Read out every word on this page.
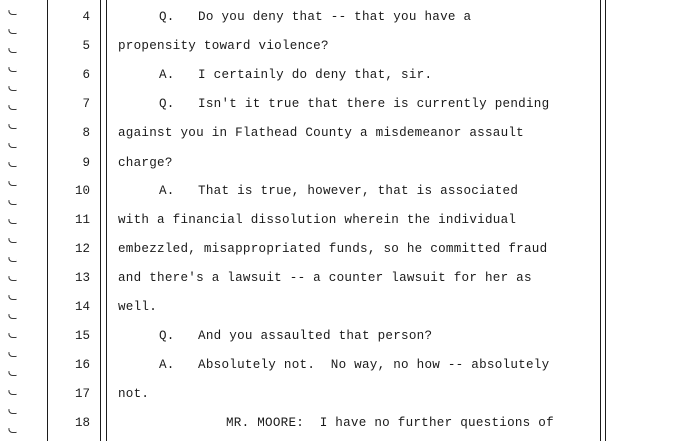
4	Q.   Do you deny that -- that you have a
5 propensity toward violence?
6	A.   I certainly do deny that, sir.
7	Q.   Isn't it true that there is currently pending
8 against you in Flathead County a misdemeanor assault
9 charge?
10	A.   That is true, however, that is associated
11 with a financial dissolution wherein the individual
12 embezzled, misappropriated funds, so he committed fraud
13 and there's a lawsuit -- a counter lawsuit for her as
14 well.
15	Q.   And you assaulted that person?
16	A.   Absolutely not.  No way, no how -- absolutely
17 not.
18	MR. MOORE:  I have no further questions of
